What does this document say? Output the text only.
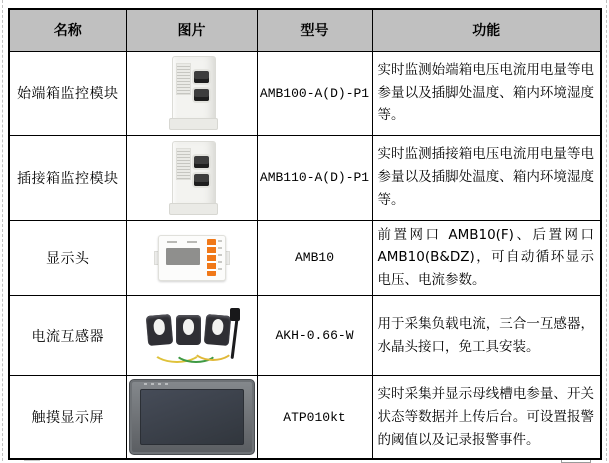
名称	图片	型号	功能
始端箱监控模块		AMB100-A(D)-P1	实时监测始端箱电压电流用电量等电参量以及插脚处温度、箱内环境湿度等。
插接箱监控模块		AMB110-A(D)-P1	实时监测插接箱电压电流用电量等电参量以及插脚处温度、箱内环境湿度等。
显示头		AMB10	前置网口 AMB10(F)、后置网口 AMB10(B&DZ)，可自动循环显示电压、电流参数。
电流互感器		AKH-0.66-W	用于采集负载电流，三合一互感器，水晶头接口，免工具安装。
触摸显示屏		ATP010kt	实时采集并显示母线槽电参量、开关状态等数据并上传后台。可设置报警的阈值以及记录报警事件。
